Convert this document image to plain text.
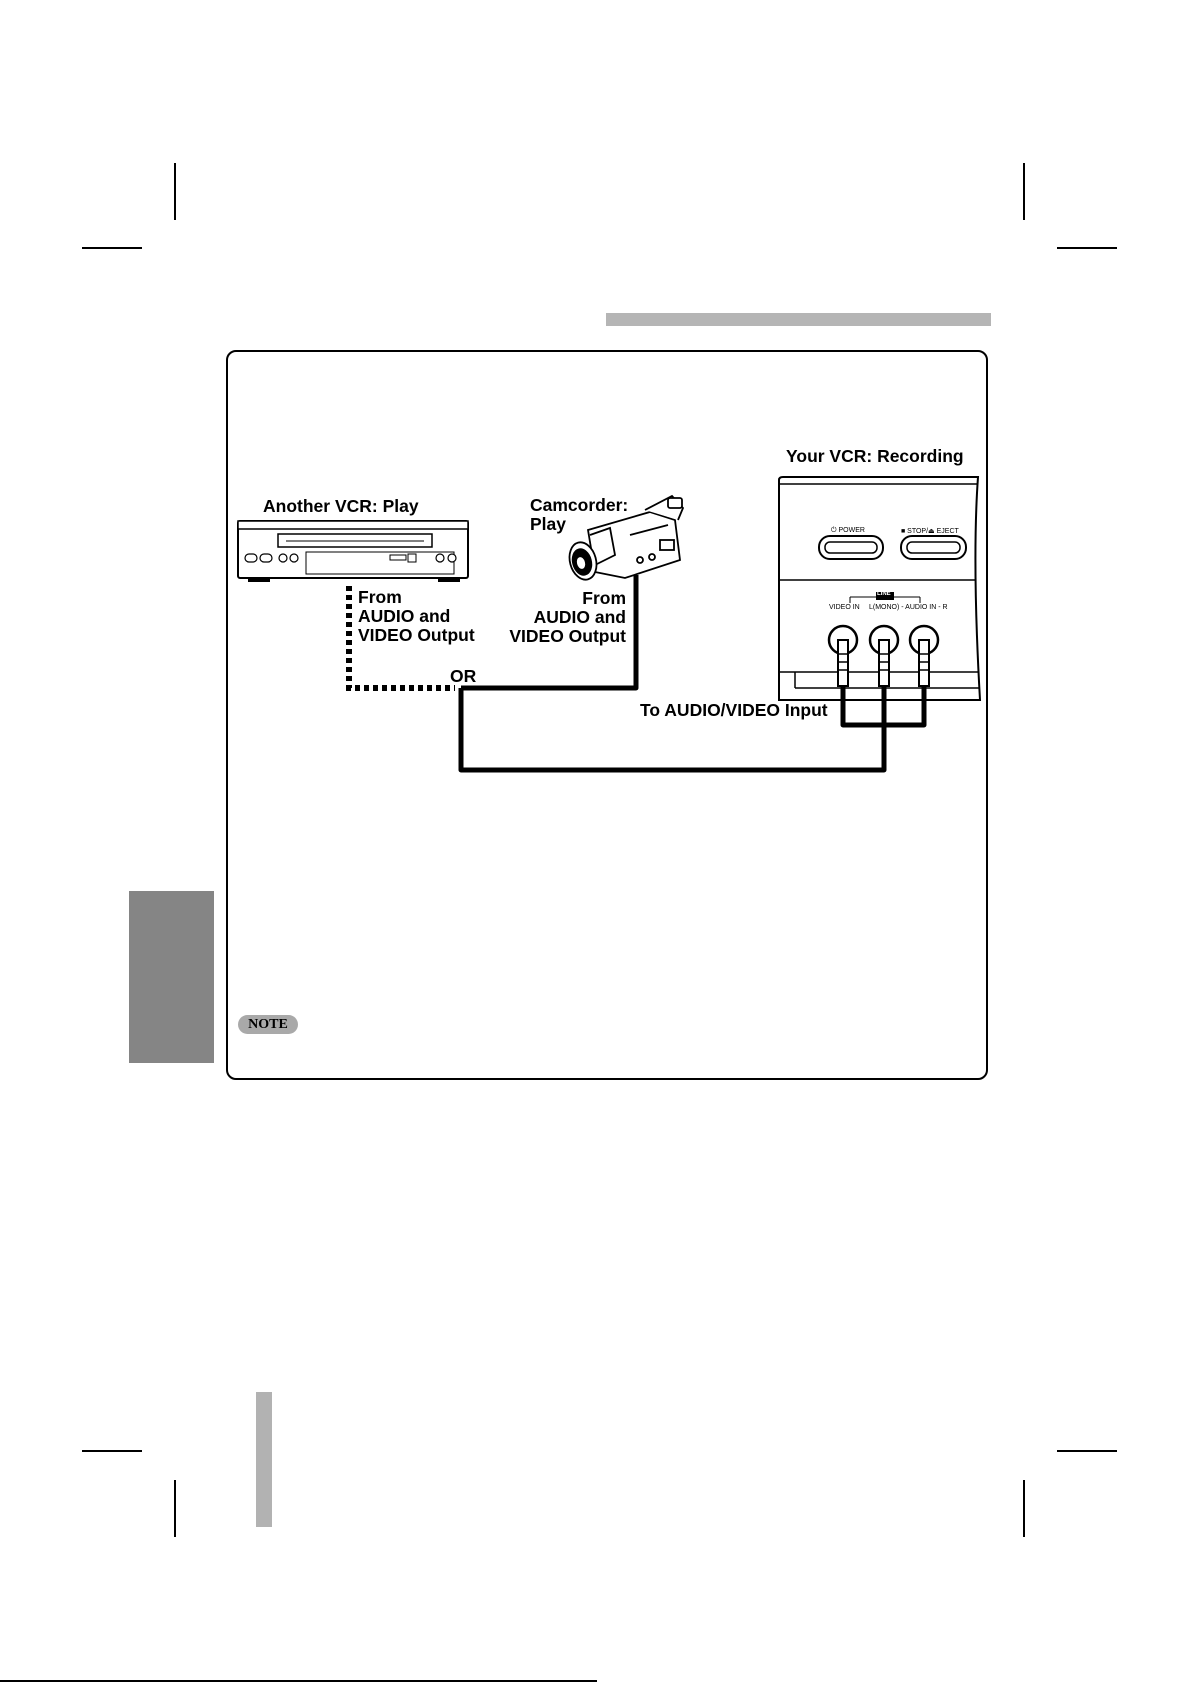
Another VCR: Play	Camcorder:
Play
Your VCR: Recording
From
AUDIO and
VIDEO Output
From
AUDIO and
VIDEO Output
OR
To AUDIO/VIDEO Input
⏻ POWER	■ STOP/⏏ EJECT
LINE
VIDEO IN L(MONO) - AUDIO IN - R
NOTE
